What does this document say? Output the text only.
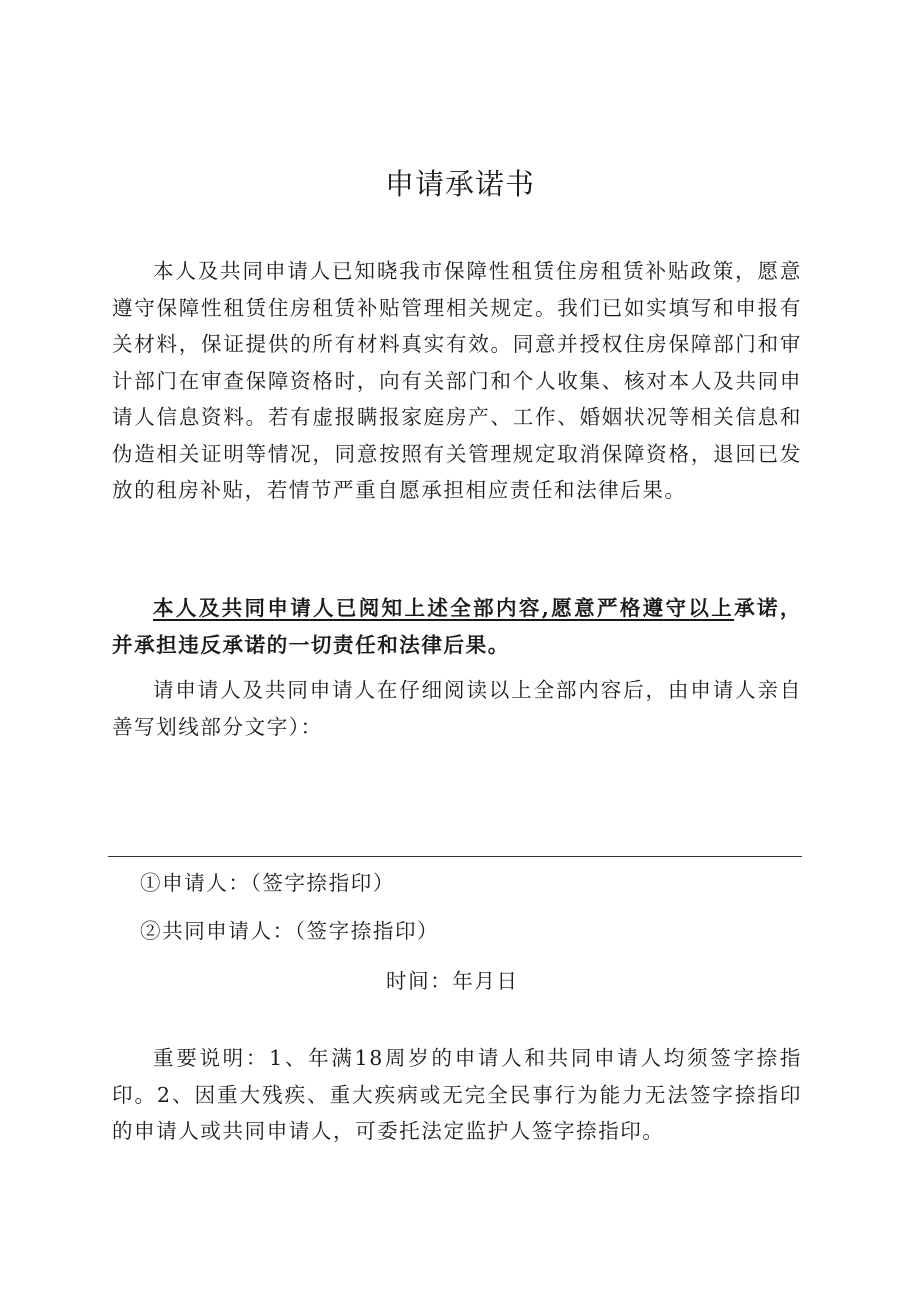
申请承诺书
本人及共同申请人已知晓我市保障性租赁住房租赁补贴政策，愿意遵守保障性租赁住房租赁补贴管理相关规定。我们已如实填写和申报有关材料，保证提供的所有材料真实有效。同意并授权住房保障部门和审计部门在审查保障资格时，向有关部门和个人收集、核对本人及共同申请人信息资料。若有虚报瞒报家庭房产、工作、婚姻状况等相关信息和伪造相关证明等情况，同意按照有关管理规定取消保障资格，退回已发放的租房补贴，若情节严重自愿承担相应责任和法律后果。
本人及共同申请人已阅知上述全部内容,愿意严格遵守以上承诺，并承担违反承诺的一切责任和法律后果。
请申请人及共同申请人在仔细阅读以上全部内容后，由申请人亲自善写划线部分文字）：
①申请人：（签字捺指印）
②共同申请人：（签字捺指印）
时间：年月日
重要说明：1、年满18周岁的申请人和共同申请人均须签字捺指印。2、因重大残疾、重大疾病或无完全民事行为能力无法签字捺指印的申请人或共同申请人，可委托法定监护人签字捺指印。
